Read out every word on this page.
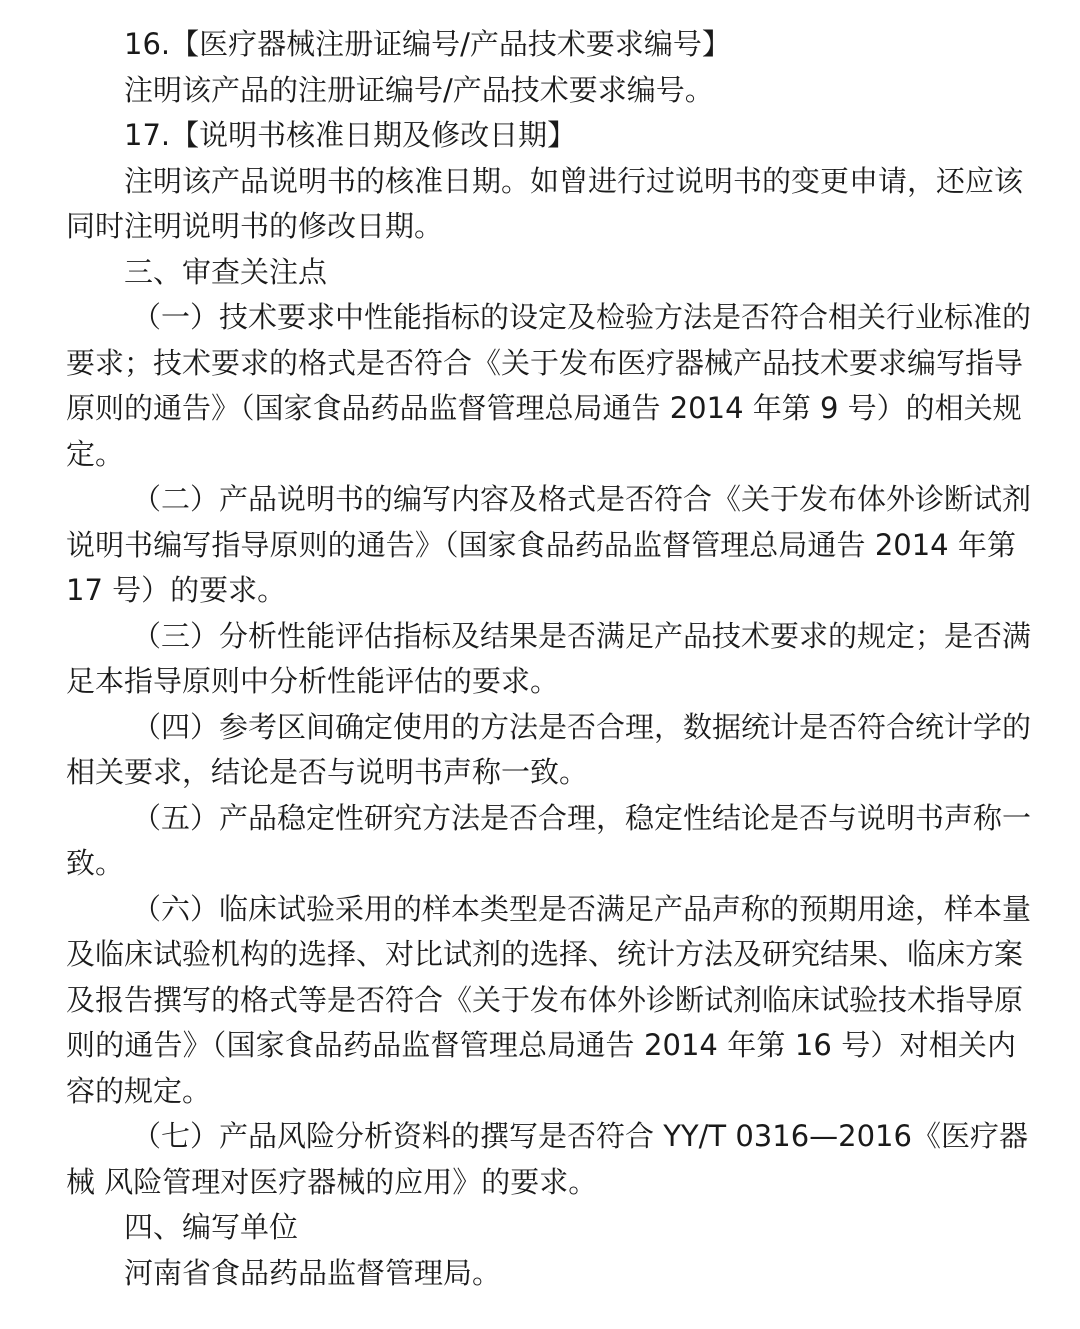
16.【医疗器械注册证编号/产品技术要求编号】
注明该产品的注册证编号/产品技术要求编号。
17.【说明书核准日期及修改日期】
注明该产品说明书的核准日期。如曾进行过说明书的变更申请，还应该
同时注明说明书的修改日期。
三、审查关注点
（一）技术要求中性能指标的设定及检验方法是否符合相关行业标准的
要求；技术要求的格式是否符合《关于发布医疗器械产品技术要求编写指导
原则的通告》（国家食品药品监督管理总局通告 2014 年第 9 号）的相关规
定。
（二）产品说明书的编写内容及格式是否符合《关于发布体外诊断试剂
说明书编写指导原则的通告》（国家食品药品监督管理总局通告 2014 年第
17 号）的要求。
（三）分析性能评估指标及结果是否满足产品技术要求的规定；是否满
足本指导原则中分析性能评估的要求。
（四）参考区间确定使用的方法是否合理，数据统计是否符合统计学的
相关要求，结论是否与说明书声称一致。
（五）产品稳定性研究方法是否合理，稳定性结论是否与说明书声称一
致。
（六）临床试验采用的样本类型是否满足产品声称的预期用途，样本量
及临床试验机构的选择、对比试剂的选择、统计方法及研究结果、临床方案
及报告撰写的格式等是否符合《关于发布体外诊断试剂临床试验技术指导原
则的通告》（国家食品药品监督管理总局通告 2014 年第 16 号）对相关内
容的规定。
（七）产品风险分析资料的撰写是否符合 YY/T 0316—2016《医疗器
械 风险管理对医疗器械的应用》的要求。
四、编写单位
河南省食品药品监督管理局。
